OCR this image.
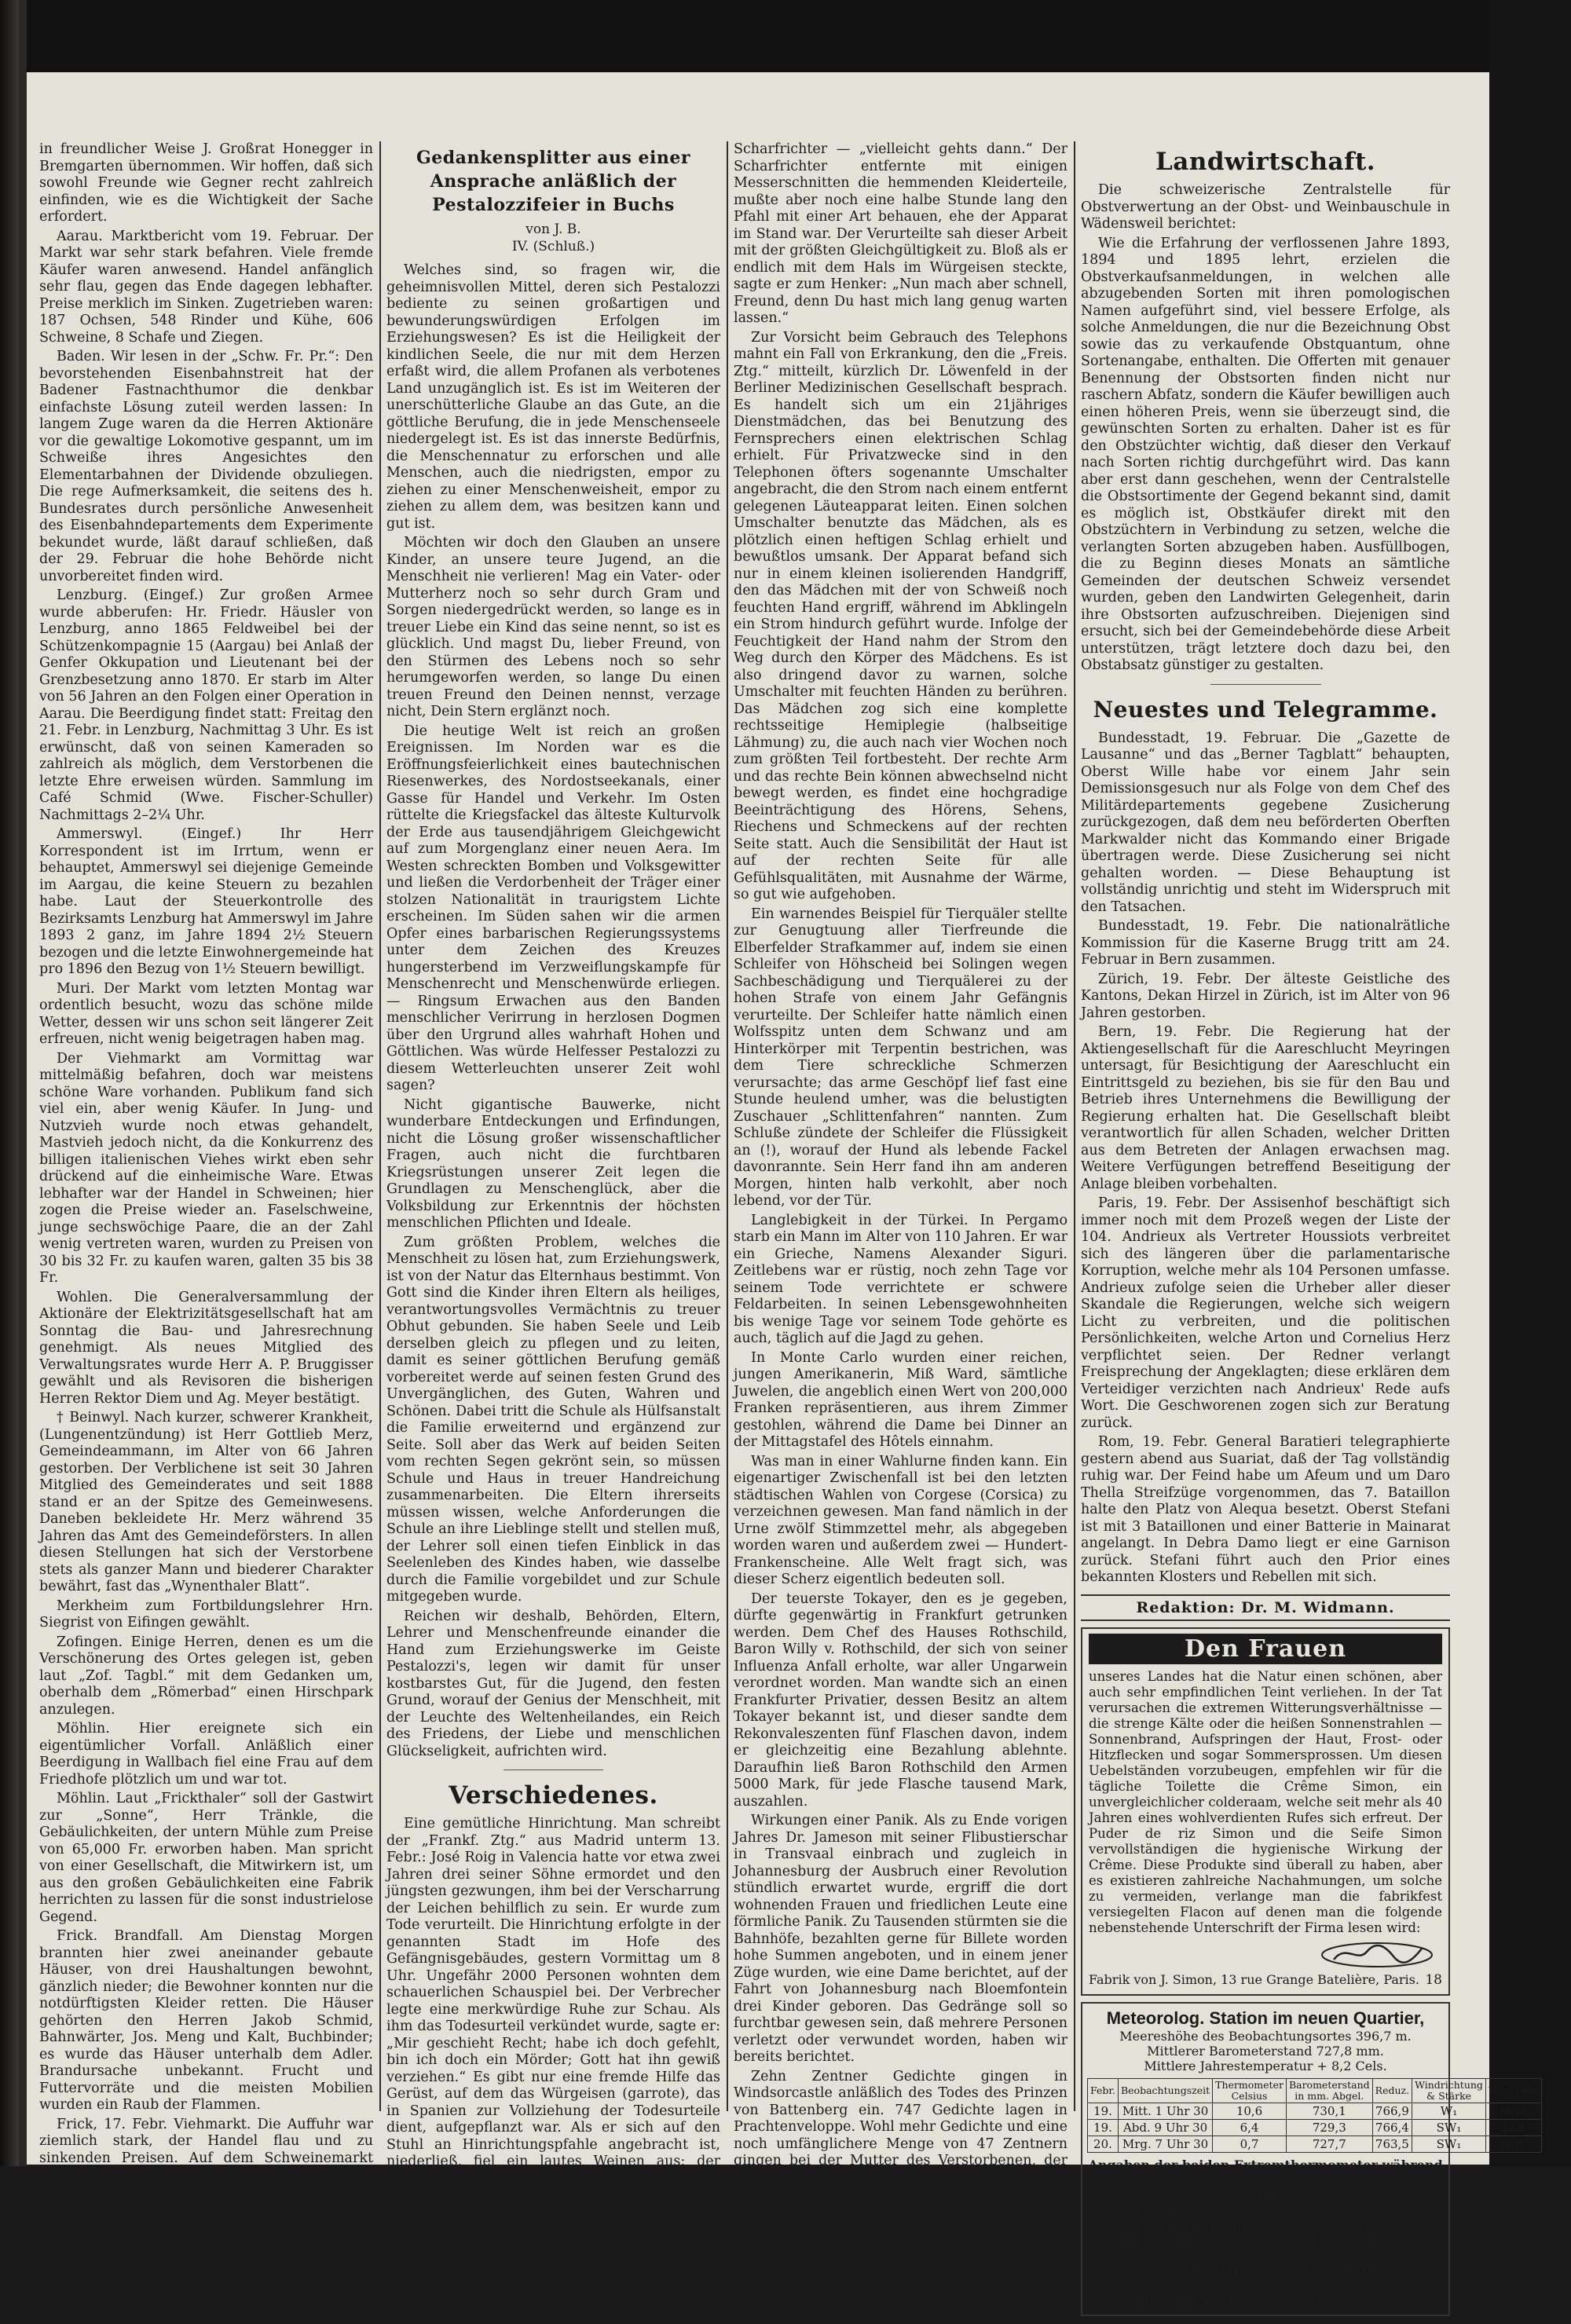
in freundlicher Weise J. Großrat Honegger in Bremgarten übernommen. Wir hoffen, daß sich sowohl Freunde wie Gegner recht zahlreich einfinden, wie es die Wichtigkeit der Sache erfordert.

Aarau. Marktbericht vom 19. Februar. Der Markt war sehr stark befahren. Viele fremde Käufer waren anwesend. Handel anfänglich sehr flau, gegen das Ende dagegen lebhafter. Preise merklich im Sinken. Zugetrieben waren: 187 Ochsen, 548 Rinder und Kühe, 606 Schweine, 8 Schafe und Ziegen.

Baden. Wir lesen in der „Schw. Fr. Pr.“: Den bevorstehenden Eisenbahnstreit hat der Badener Fastnachthumor die denkbar einfachste Lösung zuteil werden lassen: In langem Zuge waren da die Herren Aktionäre vor die gewaltige Lokomotive gespannt, um im Schweiße ihres Angesichtes den Elementarbahnen der Dividende obzuliegen. Die rege Aufmerksamkeit, die seitens des h. Bundesrates durch persönliche Anwesenheit des Eisenbahndepartements dem Experimente bekundet wurde, läßt darauf schließen, daß der 29. Februar die hohe Behörde nicht unvorbereitet finden wird.

Lenzburg. (Eingef.) Zur großen Armee wurde abberufen: Hr. Friedr. Häusler von Lenzburg, anno 1865 Feldweibel bei der Schützenkompagnie 15 (Aargau) bei Anlaß der Genfer Okkupation und Lieutenant bei der Grenzbesetzung anno 1870. Er starb im Alter von 56 Jahren an den Folgen einer Operation in Aarau. Die Beerdigung findet statt: Freitag den 21. Febr. in Lenzburg, Nachmittag 3 Uhr. Es ist erwünscht, daß von seinen Kameraden so zahlreich als möglich, dem Verstorbenen die letzte Ehre erweisen würden. Sammlung im Café Schmid (Wwe. Fischer-Schuller) Nachmittags 2–2¼ Uhr.

Ammerswyl. (Eingef.) Ihr Herr Korrespondent ist im Irrtum, wenn er behauptet, Ammerswyl sei diejenige Gemeinde im Aargau, die keine Steuern zu bezahlen habe. Laut der Steuerkontrolle des Bezirksamts Lenzburg hat Ammerswyl im Jahre 1893 2 ganz, im Jahre 1894 2½ Steuern bezogen und die letzte Einwohnergemeinde hat pro 1896 den Bezug von 1½ Steuern bewilligt.

Muri. Der Markt vom letzten Montag war ordentlich besucht, wozu das schöne milde Wetter, dessen wir uns schon seit längerer Zeit erfreuen, nicht wenig beigetragen haben mag.

Der Viehmarkt am Vormittag war mittelmäßig befahren, doch war meistens schöne Ware vorhanden. Publikum fand sich viel ein, aber wenig Käufer. In Jung- und Nutzvieh wurde noch etwas gehandelt, Mastvieh jedoch nicht, da die Konkurrenz des billigen italienischen Viehes wirkt eben sehr drückend auf die einheimische Ware. Etwas lebhafter war der Handel in Schweinen; hier zogen die Preise wieder an. Faselschweine, junge sechswöchige Paare, die an der Zahl wenig vertreten waren, wurden zu Preisen von 30 bis 32 Fr. zu kaufen waren, galten 35 bis 38 Fr.

Wohlen. Die Generalversammlung der Aktionäre der Elektrizitätsgesellschaft hat am Sonntag die Bau- und Jahresrechnung genehmigt. Als neues Mitglied des Verwaltungsrates wurde Herr A. P. Bruggisser gewählt und als Revisoren die bisherigen Herren Rektor Diem und Ag. Meyer bestätigt.

† Beinwyl. Nach kurzer, schwerer Krankheit, (Lungenentzündung) ist Herr Gottlieb Merz, Gemeindeammann, im Alter von 66 Jahren gestorben. Der Verblichene ist seit 30 Jahren Mitglied des Gemeinderates und seit 1888 stand er an der Spitze des Gemeinwesens. Daneben bekleidete Hr. Merz während 35 Jahren das Amt des Gemeindeförsters. In allen diesen Stellungen hat sich der Verstorbene stets als ganzer Mann und biederer Charakter bewährt, fast das „Wynenthaler Blatt“.

Merkheim zum Fortbildungslehrer Hrn. Siegrist von Eifingen gewählt.

Zofingen. Einige Herren, denen es um die Verschönerung des Ortes gelegen ist, geben laut „Zof. Tagbl.“ mit dem Gedanken um, oberhalb dem „Römerbad“ einen Hirschpark anzulegen.

Möhlin. Hier ereignete sich ein eigentümlicher Vorfall. Anläßlich einer Beerdigung in Wallbach fiel eine Frau auf dem Friedhofe plötzlich um und war tot.

Möhlin. Laut „Frickthaler“ soll der Gastwirt zur „Sonne“, Herr Tränkle, die Gebäulichkeiten, der untern Mühle zum Preise von 65,000 Fr. erworben haben. Man spricht von einer Gesellschaft, die Mitwirkern ist, um aus den großen Gebäulichkeiten eine Fabrik herrichten zu lassen für die sonst industrielose Gegend.

Frick. Brandfall. Am Dienstag Morgen brannten hier zwei aneinander gebaute Häuser, von drei Haushaltungen bewohnt, gänzlich nieder; die Bewohner konnten nur die notdürftigsten Kleider retten. Die Häuser gehörten den Herren Jakob Schmid, Bahnwärter, Jos. Meng und Kalt, Buchbinder; es wurde das Häuser unterhalb dem Adler. Brandursache unbekannt. Frucht und Futtervorräte und die meisten Mobilien wurden ein Raub der Flammen.

Frick, 17. Febr. Viehmarkt. Die Auffuhr war ziemlich stark, der Handel flau und zu sinkenden Preisen. Auf dem Schweinemarkt gings etwas lebhafter zu.

Böttingen. Lehrerwahl. Bei einem absoluten Mehr von 71 Stimmen ist im ersten Wahlgang Herr Lehrer Knecht mit 116 Stimmen gewählt worden. Es bedurfte ist nicht das Anbewirkt wurde an die Anfechtungen von ultramontaner Seite.

Gedankensplitter aus einer Ansprache anläßlich der Pestalozzifeier in Buchs
von J. B.
IV. (Schluß.)

Welches sind, so fragen wir, die geheimnisvollen Mittel, deren sich Pestalozzi bediente zu seinen großartigen und bewunderungswürdigen Erfolgen im Erziehungswesen? Es ist die Heiligkeit der kindlichen Seele, die nur mit dem Herzen erfaßt wird, die allem Profanen als verbotenes Land unzugänglich ist. Es ist im Weiteren der unerschütterliche Glaube an das Gute, an die göttliche Berufung, die in jede Menschenseele niedergelegt ist. Es ist das innerste Bedürfnis, die Menschennatur zu erforschen und alle Menschen, auch die niedrigsten, empor zu ziehen zu einer Menschenweisheit, empor zu ziehen zu allem dem, was besitzen kann und gut ist.

Möchten wir doch den Glauben an unsere Kinder, an unsere teure Jugend, an die Menschheit nie verlieren! Mag ein Vater- oder Mutterherz noch so sehr durch Gram und Sorgen niedergedrückt werden, so lange es in treuer Liebe ein Kind das seine nennt, so ist es glücklich. Und magst Du, lieber Freund, von den Stürmen des Lebens noch so sehr herumgeworfen werden, so lange Du einen treuen Freund den Deinen nennst, verzage nicht, Dein Stern erglänzt noch.

Die heutige Welt ist reich an großen Ereignissen. Im Norden war es die Eröffnungsfeierlichkeit eines bautechnischen Riesenwerkes, des Nordostseekanals, einer Gasse für Handel und Verkehr. Im Osten rüttelte die Kriegsfackel das älteste Kulturvolk der Erde aus tausendjährigem Gleichgewicht auf zum Morgenglanz einer neuen Aera. Im Westen schreckten Bomben und Volksgewitter und ließen die Verdorbenheit der Träger einer stolzen Nationalität in traurigstem Lichte erscheinen. Im Süden sahen wir die armen Opfer eines barbarischen Regierungssystems unter dem Zeichen des Kreuzes hungersterbend im Verzweiflungskampfe für Menschenrecht und Menschenwürde erliegen. — Ringsum Erwachen aus den Banden menschlicher Verirrung in herzlosen Dogmen über den Urgrund alles wahrhaft Hohen und Göttlichen. Was würde Helfesser Pestalozzi zu diesem Wetterleuchten unserer Zeit wohl sagen?

Nicht gigantische Bauwerke, nicht wunderbare Entdeckungen und Erfindungen, nicht die Lösung großer wissenschaftlicher Fragen, auch nicht die furchtbaren Kriegsrüstungen unserer Zeit legen die Grundlagen zu Menschenglück, aber die Volksbildung zur Erkenntnis der höchsten menschlichen Pflichten und Ideale.

Zum größten Problem, welches die Menschheit zu lösen hat, zum Erziehungswerk, ist von der Natur das Elternhaus bestimmt. Von Gott sind die Kinder ihren Eltern als heiliges, verantwortungsvolles Vermächtnis zu treuer Obhut gebunden. Sie haben Seele und Leib derselben gleich zu pflegen und zu leiten, damit es seiner göttlichen Berufung gemäß vorbereitet werde auf seinen festen Grund des Unvergänglichen, des Guten, Wahren und Schönen. Dabei tritt die Schule als Hülfsanstalt die Familie erweiternd und ergänzend zur Seite. Soll aber das Werk auf beiden Seiten vom rechten Segen gekrönt sein, so müssen Schule und Haus in treuer Handreichung zusammenarbeiten. Die Eltern ihrerseits müssen wissen, welche Anforderungen die Schule an ihre Lieblinge stellt und stellen muß, der Lehrer soll einen tiefen Einblick in das Seelenleben des Kindes haben, wie dasselbe durch die Familie vorgebildet und zur Schule mitgegeben wurde.

Reichen wir deshalb, Behörden, Eltern, Lehrer und Menschenfreunde einander die Hand zum Erziehungswerke im Geiste Pestalozzi's, legen wir damit für unser kostbarstes Gut, für die Jugend, den festen Grund, worauf der Genius der Menschheit, mit der Leuchte des Weltenheilandes, ein Reich des Friedens, der Liebe und menschlichen Glückseligkeit, aufrichten wird.

Verschiedenes.

Eine gemütliche Hinrichtung. Man schreibt der „Frankf. Ztg.“ aus Madrid unterm 13. Febr.: José Roig in Valencia hatte vor etwa zwei Jahren drei seiner Söhne ermordet und den jüngsten gezwungen, ihm bei der Verscharrung der Leichen behilflich zu sein. Er wurde zum Tode verurteilt. Die Hinrichtung erfolgte in der genannten Stadt im Hofe des Gefängnisgebäudes, gestern Vormittag um 8 Uhr. Ungefähr 2000 Personen wohnten dem schauerlichen Schauspiel bei. Der Verbrecher legte eine merkwürdige Ruhe zur Schau. Als ihm das Todesurteil verkündet wurde, sagte er: „Mir geschieht Recht; habe ich doch gefehlt, bin ich doch ein Mörder; Gott hat ihn gewiß verziehen.“ Es gibt nur eine fremde Hilfe das Gerüst, auf dem das Würgeisen (garrote), das in Spanien zur Vollziehung der Todesurteile dient, aufgepflanzt war. Als er sich auf den Stuhl an Hinrichtungspfahle angebracht ist, niederließ, fiel ein lautes Weinen aus; der Scharfrichter legte ihm den Ring um den Hals nicht an ergriff den das Würgeisen drehen. Der Sitz wurde erhöht, aber noch konnte die Hinrichtung nicht stattfinden, weil nämlich der Hals des Verurteilten, wegen zu großer Dicke des Pfahls, nicht in das Würgeisen hineinpaßte. „Schneide mir die Kleider vom Hals weg,“ sagte der Verurteilte zum

Scharfrichter — „vielleicht gehts dann.“ Der Scharfrichter entfernte mit einigen Messerschnitten die hemmenden Kleiderteile, mußte aber noch eine halbe Stunde lang den Pfahl mit einer Art behauen, ehe der Apparat im Stand war. Der Verurteilte sah dieser Arbeit mit der größten Gleichgültigkeit zu. Bloß als er endlich mit dem Hals im Würgeisen steckte, sagte er zum Henker: „Nun mach aber schnell, Freund, denn Du hast mich lang genug warten lassen.“

Zur Vorsicht beim Gebrauch des Telephons mahnt ein Fall von Erkrankung, den die „Freis. Ztg.“ mitteilt, kürzlich Dr. Löwenfeld in der Berliner Medizinischen Gesellschaft besprach. Es handelt sich um ein 21jähriges Dienstmädchen, das bei Benutzung des Fernsprechers einen elektrischen Schlag erhielt. Für Privatzwecke sind in den Telephonen öfters sogenannte Umschalter angebracht, die den Strom nach einem entfernt gelegenen Läuteapparat leiten. Einen solchen Umschalter benutzte das Mädchen, als es plötzlich einen heftigen Schlag erhielt und bewußtlos umsank. Der Apparat befand sich nur in einem kleinen isolierenden Handgriff, den das Mädchen mit der von Schweiß noch feuchten Hand ergriff, während im Abklingeln ein Strom hindurch geführt wurde. Infolge der Feuchtigkeit der Hand nahm der Strom den Weg durch den Körper des Mädchens. Es ist also dringend davor zu warnen, solche Umschalter mit feuchten Händen zu berühren. Das Mädchen zog sich eine komplette rechtsseitige Hemiplegie (halbseitige Lähmung) zu, die auch nach vier Wochen noch zum größten Teil fortbesteht. Der rechte Arm und das rechte Bein können abwechselnd nicht bewegt werden, es findet eine hochgradige Beeinträchtigung des Hörens, Sehens, Riechens und Schmeckens auf der rechten Seite statt. Auch die Sensibilität der Haut ist auf der rechten Seite für alle Gefühlsqualitäten, mit Ausnahme der Wärme, so gut wie aufgehoben.

Ein warnendes Beispiel für Tierquäler stellte zur Genugtuung aller Tierfreunde die Elberfelder Strafkammer auf, indem sie einen Schleifer von Höhscheid bei Solingen wegen Sachbeschädigung und Tierquälerei zu der hohen Strafe von einem Jahr Gefängnis verurteilte. Der Schleifer hatte nämlich einen Wolfsspitz unten dem Schwanz und am Hinterkörper mit Terpentin bestrichen, was dem Tiere schreckliche Schmerzen verursachte; das arme Geschöpf lief fast eine Stunde heulend umher, was die belustigten Zuschauer „Schlittenfahren“ nannten. Zum Schluße zündete der Schleifer die Flüssigkeit an (!), worauf der Hund als lebende Fackel davonrannte. Sein Herr fand ihn am anderen Morgen, hinten halb verkohlt, aber noch lebend, vor der Tür.

Langlebigkeit in der Türkei. In Pergamo starb ein Mann im Alter von 110 Jahren. Er war ein Grieche, Namens Alexander Siguri. Zeitlebens war er rüstig, noch zehn Tage vor seinem Tode verrichtete er schwere Feldarbeiten. In seinen Lebensgewohnheiten bis wenige Tage vor seinem Tode gehörte es auch, täglich auf die Jagd zu gehen.

In Monte Carlo wurden einer reichen, jungen Amerikanerin, Miß Ward, sämtliche Juwelen, die angeblich einen Wert von 200,000 Franken repräsentieren, aus ihrem Zimmer gestohlen, während die Dame bei Dinner an der Mittagstafel des Hôtels einnahm.

Was man in einer Wahlurne finden kann. Ein eigenartiger Zwischenfall ist bei den letzten städtischen Wahlen von Corgese (Corsica) zu verzeichnen gewesen. Man fand nämlich in der Urne zwölf Stimmzettel mehr, als abgegeben worden waren und außerdem zwei — Hundert-Frankenscheine. Alle Welt fragt sich, was dieser Scherz eigentlich bedeuten soll.

Der teuerste Tokayer, den es je gegeben, dürfte gegenwärtig in Frankfurt getrunken werden. Dem Chef des Hauses Rothschild, Baron Willy v. Rothschild, der sich von seiner Influenza Anfall erholte, war aller Ungarwein verordnet worden. Man wandte sich an einen Frankfurter Privatier, dessen Besitz an altem Tokayer bekannt ist, und dieser sandte dem Rekonvaleszenten fünf Flaschen davon, indem er gleichzeitig eine Bezahlung ablehnte. Daraufhin ließ Baron Rothschild den Armen 5000 Mark, für jede Flasche tausend Mark, auszahlen.

Wirkungen einer Panik. Als zu Ende vorigen Jahres Dr. Jameson mit seiner Flibustierschar in Transvaal einbrach und zugleich in Johannesburg der Ausbruch einer Revolution stündlich erwartet wurde, ergriff die dort wohnenden Frauen und friedlichen Leute eine förmliche Panik. Zu Tausenden stürmten sie die Bahnhöfe, bezahlten gerne für Billete worden hohe Summen angeboten, und in einem jener Züge wurden, wie eine Dame berichtet, auf der Fahrt von Johannesburg nach Bloemfontein drei Kinder geboren. Das Gedränge soll so furchtbar gewesen sein, daß mehrere Personen verletzt oder verwundet worden, haben wir bereits berichtet.

Zehn Zentner Gedichte gingen in Windsorcastle anläßlich des Todes des Prinzen von Battenberg ein. 747 Gedichte lagen in Prachtenveloppe. Wohl mehr Gedichte und eine noch umfänglichere Menge von 47 Zentnern gingen bei der Mutter des Verstorbenen, der Königin, von Personen aus New-York, ein. Gelesen wird natürlich keines.

X-Strahlen. Der „Gaulois“ teilt mit, daß es einem seiner Mitarbeiter mittels Röntgen-Strahlen gelungen ist, einen Brief im verschlossenen Couvert zu photographieren. Das Facsimile des photographierten Briefes, dessen Schriftzüge deutlich erkennbar sind, ist abgedruckt.

Landwirtschaft.

Die schweizerische Zentralstelle für Obstverwertung an der Obst- und Weinbauschule in Wädensweil berichtet:

Wie die Erfahrung der verflossenen Jahre 1893, 1894 und 1895 lehrt, erzielen die Obstverkaufsanmeldungen, in welchen alle abzugebenden Sorten mit ihren pomologischen Namen aufgeführt sind, viel bessere Erfolge, als solche Anmeldungen, die nur die Bezeichnung Obst sowie das zu verkaufende Obstquantum, ohne Sortenangabe, enthalten. Die Offerten mit genauer Benennung der Obstsorten finden nicht nur raschern Abfatz, sondern die Käufer bewilligen auch einen höheren Preis, wenn sie überzeugt sind, die gewünschten Sorten zu erhalten. Daher ist es für den Obstzüchter wichtig, daß dieser den Verkauf nach Sorten richtig durchgeführt wird. Das kann aber erst dann geschehen, wenn der Centralstelle die Obstsortimente der Gegend bekannt sind, damit es möglich ist, Obstkäufer direkt mit den Obstzüchtern in Verbindung zu setzen, welche die verlangten Sorten abzugeben haben. Ausfüllbogen, die zu Beginn dieses Monats an sämtliche Gemeinden der deutschen Schweiz versendet wurden, geben den Landwirten Gelegenheit, darin ihre Obstsorten aufzuschreiben. Diejenigen sind ersucht, sich bei der Gemeindebehörde diese Arbeit unterstützen, trägt letztere doch dazu bei, den Obstabsatz günstiger zu gestalten.

Neuestes und Telegramme.

Bundesstadt, 19. Februar. Die „Gazette de Lausanne“ und das „Berner Tagblatt“ behaupten, Oberst Wille habe vor einem Jahr sein Demissionsgesuch nur als Folge von dem Chef des Militärdepartements gegebene Zusicherung zurückgezogen, daß dem neu beförderten Oberften Markwalder nicht das Kommando einer Brigade übertragen werde. Diese Zusicherung sei nicht gehalten worden. — Diese Behauptung ist vollständig unrichtig und steht im Widerspruch mit den Tatsachen.

Bundesstadt, 19. Febr. Die nationalrätliche Kommission für die Kaserne Brugg tritt am 24. Februar in Bern zusammen.

Zürich, 19. Febr. Der älteste Geistliche des Kantons, Dekan Hirzel in Zürich, ist im Alter von 96 Jahren gestorben.

Bern, 19. Febr. Die Regierung hat der Aktiengesellschaft für die Aareschlucht Meyringen untersagt, für Besichtigung der Aareschlucht ein Eintrittsgeld zu beziehen, bis sie für den Bau und Betrieb ihres Unternehmens die Bewilligung der Regierung erhalten hat. Die Gesellschaft bleibt verantwortlich für allen Schaden, welcher Dritten aus dem Betreten der Anlagen erwachsen mag. Weitere Verfügungen betreffend Beseitigung der Anlage bleiben vorbehalten.

Paris, 19. Febr. Der Assisenhof beschäftigt sich immer noch mit dem Prozeß wegen der Liste der 104. Andrieux als Vertreter Houssiots verbreitet sich des längeren über die parlamentarische Korruption, welche mehr als 104 Personen umfasse. Andrieux zufolge seien die Urheber aller dieser Skandale die Regierungen, welche sich weigern Licht zu verbreiten, und die politischen Persönlichkeiten, welche Arton und Cornelius Herz verpflichtet seien. Der Redner verlangt Freisprechung der Angeklagten; diese erklären dem Verteidiger verzichten nach Andrieux' Rede aufs Wort. Die Geschworenen zogen sich zur Beratung zurück.

Rom, 19. Febr. General Baratieri telegraphierte gestern abend aus Suariat, daß der Tag vollständig ruhig war. Der Feind habe um Afeum und um Daro Thella Streifzüge vorgenommen, das 7. Bataillon halte den Platz von Alequa besetzt. Oberst Stefani ist mit 3 Bataillonen und einer Batterie in Mainarat angelangt. In Debra Damo liegt er eine Garnison zurück. Stefani führt auch den Prior eines bekannten Klosters und Rebellen mit sich.

Redaktion: Dr. M. Widmann.
Den Frauen

unseres Landes hat die Natur einen schönen, aber auch sehr empfindlichen Teint verliehen. In der Tat verursachen die extremen Witterungsverhältnisse — die strenge Kälte oder die heißen Sonnenstrahlen — Sonnenbrand, Aufspringen der Haut, Frost- oder Hitzflecken und sogar Sommersprossen. Um diesen Uebelständen vorzubeugen, empfehlen wir für die tägliche Toilette die Crême Simon, ein unvergleichlicher colderaam, welche seit mehr als 40 Jahren eines wohlverdienten Rufes sich erfreut. Der Puder de riz Simon und die Seife Simon vervollständigen die hygienische Wirkung der Crême. Diese Produkte sind überall zu haben, aber es existieren zahlreiche Nachahmungen, um solche zu vermeiden, verlange man die fabrikfest versiegelten Flacon auf denen man die folgende nebenstehende Unterschrift der Firma lesen wird:

Fabrik von J. Simon, 13 rue Grange Batelière, Paris. 18
Meteorolog. Station im neuen Quartier,
Meereshöhe des Beobachtungsortes 396,7 m.
Mittlerer Barometerstand 727,8 mm.
Mittlere Jahrestemperatur + 8,2 Cels.
Febr.	Beobachtungszeit	Thermometer Celsius	Barometerstand in mm. Abgel.	Reduz.	Windrichtung & Stärke	Witterung
19.	Mitt. 1 Uhr 30	10,6	730,1	766,9	W₁	bew.
19.	Abd. 9 Uhr 30	6,4	729,3	766,4	SW₁	hell
20.	Mrg. 7 Uhr 30	0,7	727,7	763,5	SW₁	bed.
Angaben der beiden Extremthermometer während 24 Stunden, abgelesen gestern Abend 9 Uhr 30 Min.
Minimum — 4,2 °C. Maximum 5,2 °C.
Temperatur-Minimum der letzten Nacht — 0,5 °C.
Niederschl.-gemess. heute früh 7 Uhr 30 Min. — mm.
Zürcher Witterungsaussichten
vom 20. Februar 1896.
Neblig oder leicht bewölkt, tagsüber mild.
